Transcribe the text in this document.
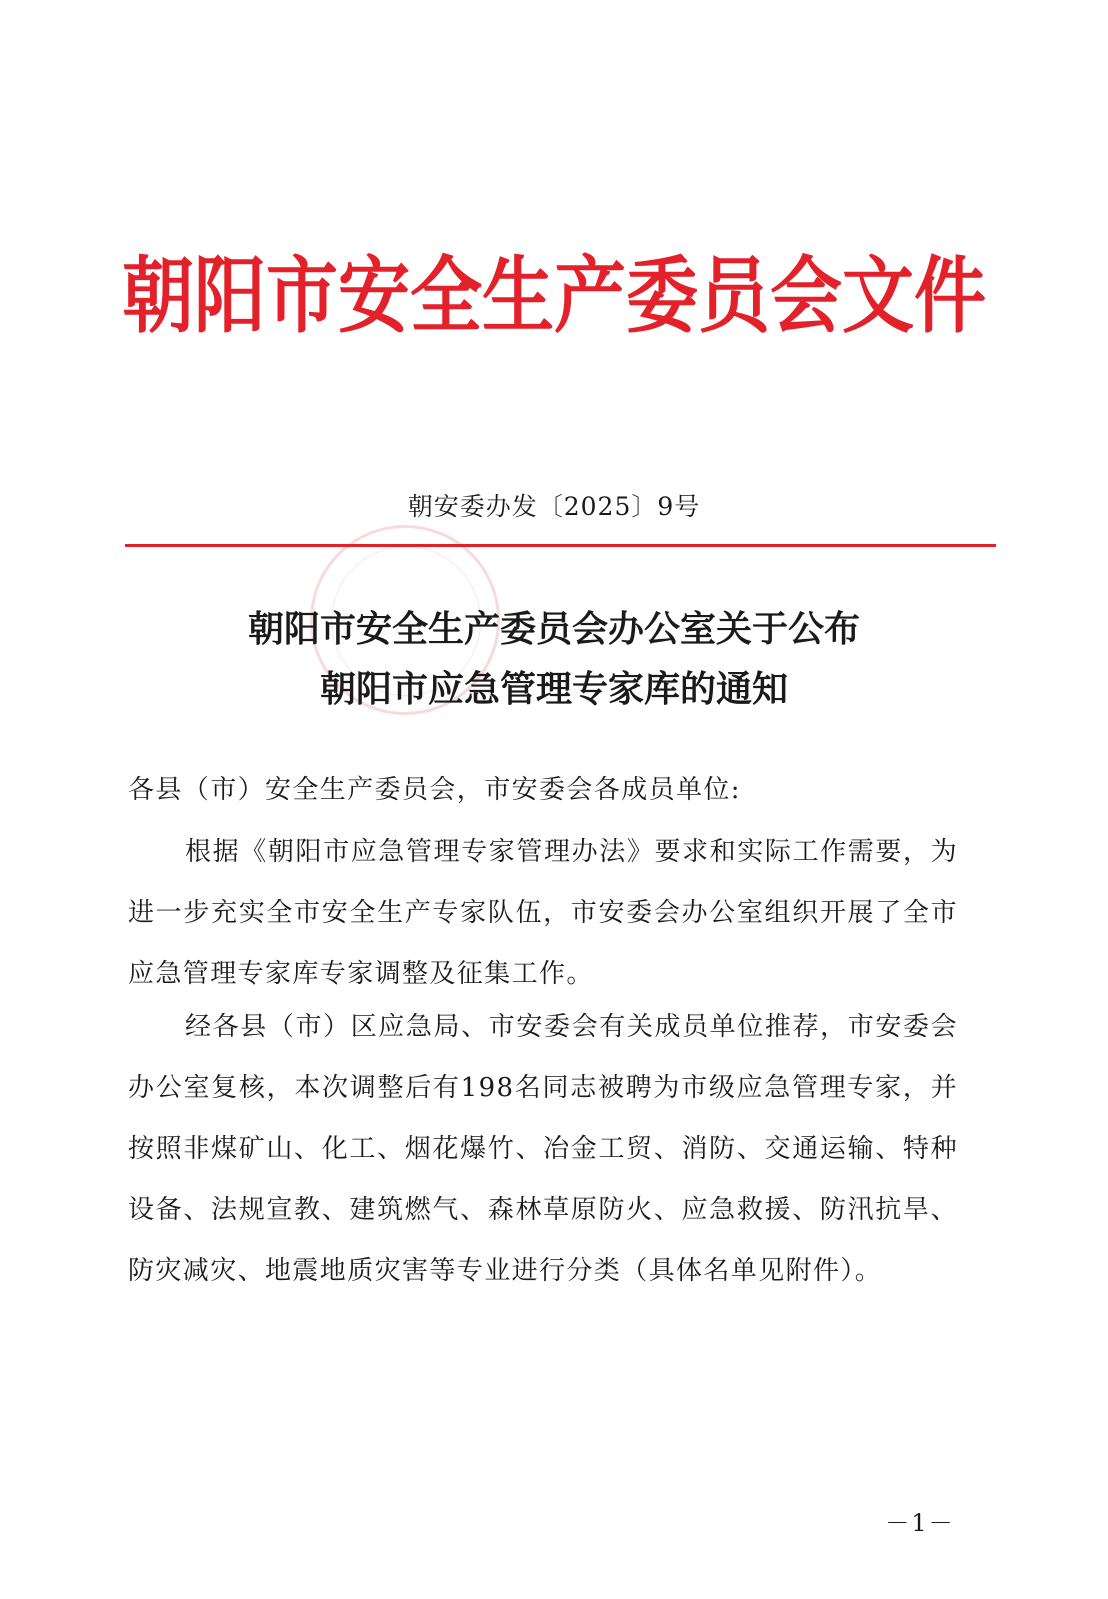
朝阳市安全生产委员会文件
朝安委办发〔2025〕9号
朝阳市安全生产委员会办公室关于公布
朝阳市应急管理专家库的通知
各县（市）安全生产委员会，市安委会各成员单位:
根据《朝阳市应急管理专家管理办法》要求和实际工作需要，为进一步充实全市安全生产专家队伍，市安委会办公室组织开展了全市应急管理专家库专家调整及征集工作。
经各县（市）区应急局、市安委会有关成员单位推荐，市安委会办公室复核，本次调整后有198名同志被聘为市级应急管理专家，并按照非煤矿山、化工、烟花爆竹、冶金工贸、消防、交通运输、特种设备、法规宣教、建筑燃气、森林草原防火、应急救援、防汛抗旱、防灾减灾、地震地质灾害等专业进行分类（具体名单见附件）。
－1－
